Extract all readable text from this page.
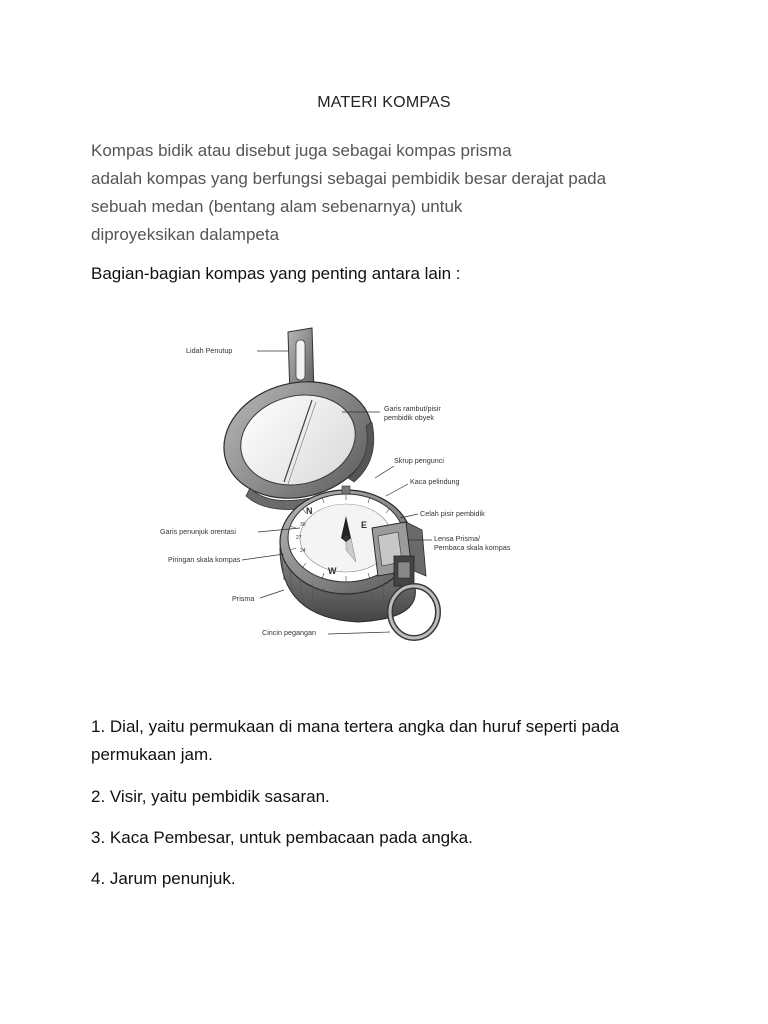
MATERI KOMPAS
Kompas bidik atau disebut juga sebagai kompas prisma
adalah kompas yang berfungsi sebagai pembidik besar derajat pada
sebuah medan (bentang alam sebenarnya) untuk
diproyeksikan dalampeta
Bagian-bagian kompas yang penting antara lain :
27
30
24
N
E
W
Lidah Penutup
Garis rambut/pisir
pembidik obyek
Skrup pengunci
Kaca pelindung
Celah pisir pembidik
Garis penunjuk orentasi
Lensa Prisma/
Pembaca skala kompas
Piringan skala kompas
Prisma
Cincin pegangan
1. Dial, yaitu permukaan di mana tertera angka dan huruf seperti pada permukaan jam.
2. Visir, yaitu pembidik sasaran.
3. Kaca Pembesar, untuk pembacaan pada angka.
4. Jarum penunjuk.
